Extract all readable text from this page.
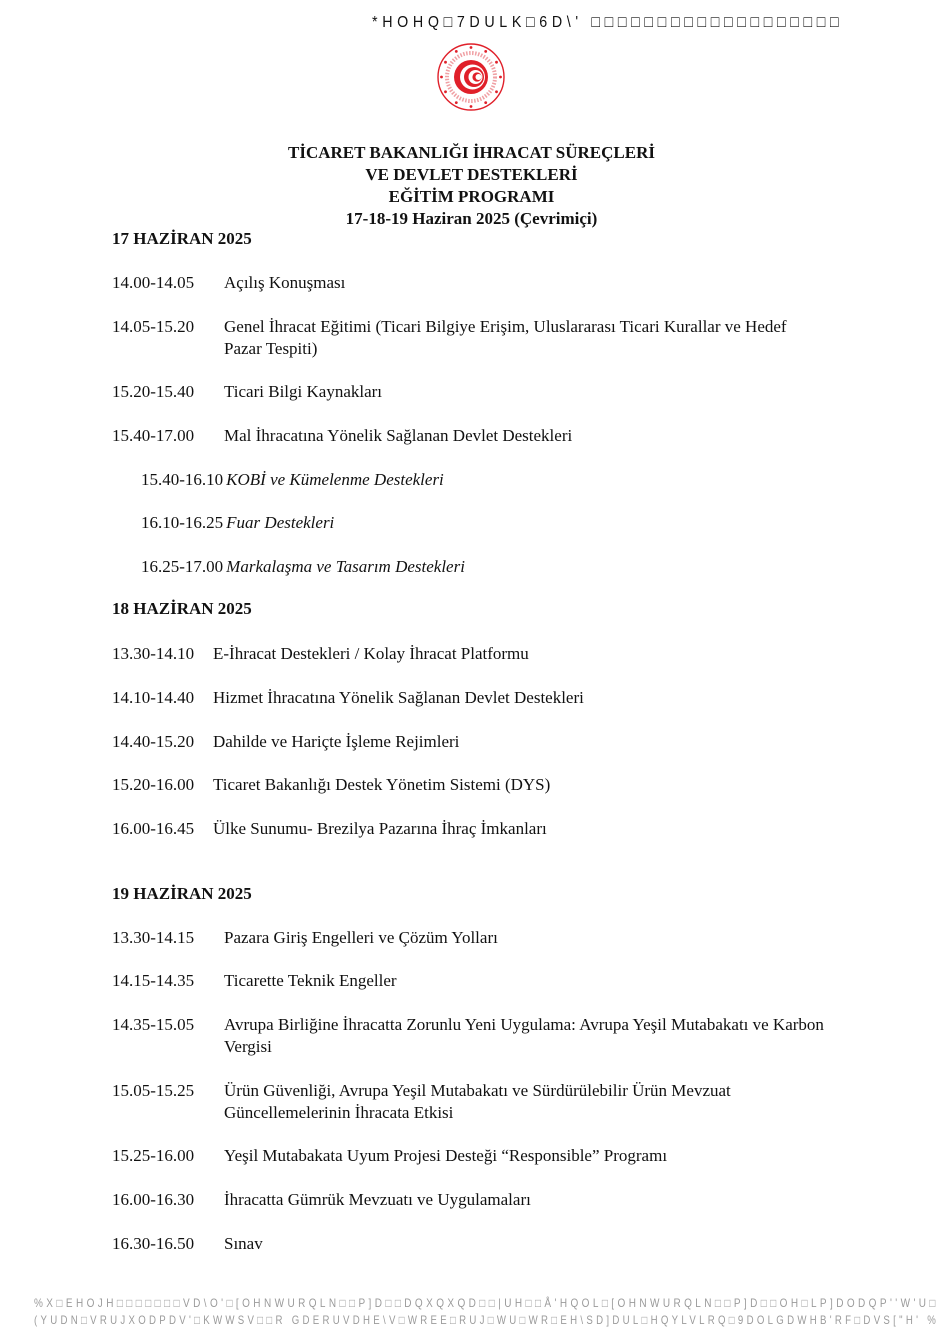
*HOHQ□7DULK□6D\' □□□□□□□□□□□□□□□□□□□
TİCARET BAKANLIĞI İHRACAT SÜREÇLERİ
VE DEVLET DESTEKLERİ
EĞİTİM PROGRAMI
17-18-19 Haziran 2025 (Çevrimiçi)
17 HAZİRAN 2025
14.00-14.05 Açılış Konuşması
14.05-15.20 Genel İhracat Eğitimi (Ticari Bilgiye Erişim, Uluslararası Ticari Kurallar ve Hedef Pazar Tespiti)
15.20-15.40 Ticari Bilgi Kaynakları
15.40-17.00 Mal İhracatına Yönelik Sağlanan Devlet Destekleri
15.40-16.10 KOBİ ve Kümelenme Destekleri
16.10-16.25 Fuar Destekleri
16.25-17.00 Markalaşma ve Tasarım Destekleri
18 HAZİRAN 2025
13.30-14.10 E-İhracat Destekleri / Kolay İhracat Platformu
14.10-14.40 Hizmet İhracatına Yönelik Sağlanan Devlet Destekleri
14.40-15.20 Dahilde ve Hariçte İşleme Rejimleri
15.20-16.00 Ticaret Bakanlığı Destek Yönetim Sistemi (DYS)
16.00-16.45 Ülke Sunumu- Brezilya Pazarına İhraç İmkanları
19 HAZİRAN 2025
13.30-14.15 Pazara Giriş Engelleri ve Çözüm Yolları
14.15-14.35 Ticarette Teknik Engeller
14.35-15.05 Avrupa Birliğine İhracatta Zorunlu Yeni Uygulama: Avrupa Yeşil Mutabakatı ve Karbon Vergisi
15.05-15.25 Ürün Güvenliği, Avrupa Yeşil Mutabakatı ve Sürdürülebilir Ürün Mevzuat Güncellemelerinin İhracata Etkisi
15.25-16.00 Yeşil Mutabakata Uyum Projesi Desteği “Responsible” Programı
16.00-16.30 İhracatta Gümrük Mevzuatı ve Uygulamaları
16.30-16.50 Sınav
%X□EHOJH□□□□□□□VD\O'□[OHNWURQLN□□P]D□□DQXQXQD□□|UH□□Å'HQOL□[OHNWURQLN□□P]D□□OH□LP]DODQP''W'U□
(YUDN□VRUJXODPDV'□KWWSV□□R GDERUVDHE\V□WREE□RUJ□WU□WR□EH\SD]DUL□HQYLVLRQ□9DOLGDWHB'RF□DVS["H' %
